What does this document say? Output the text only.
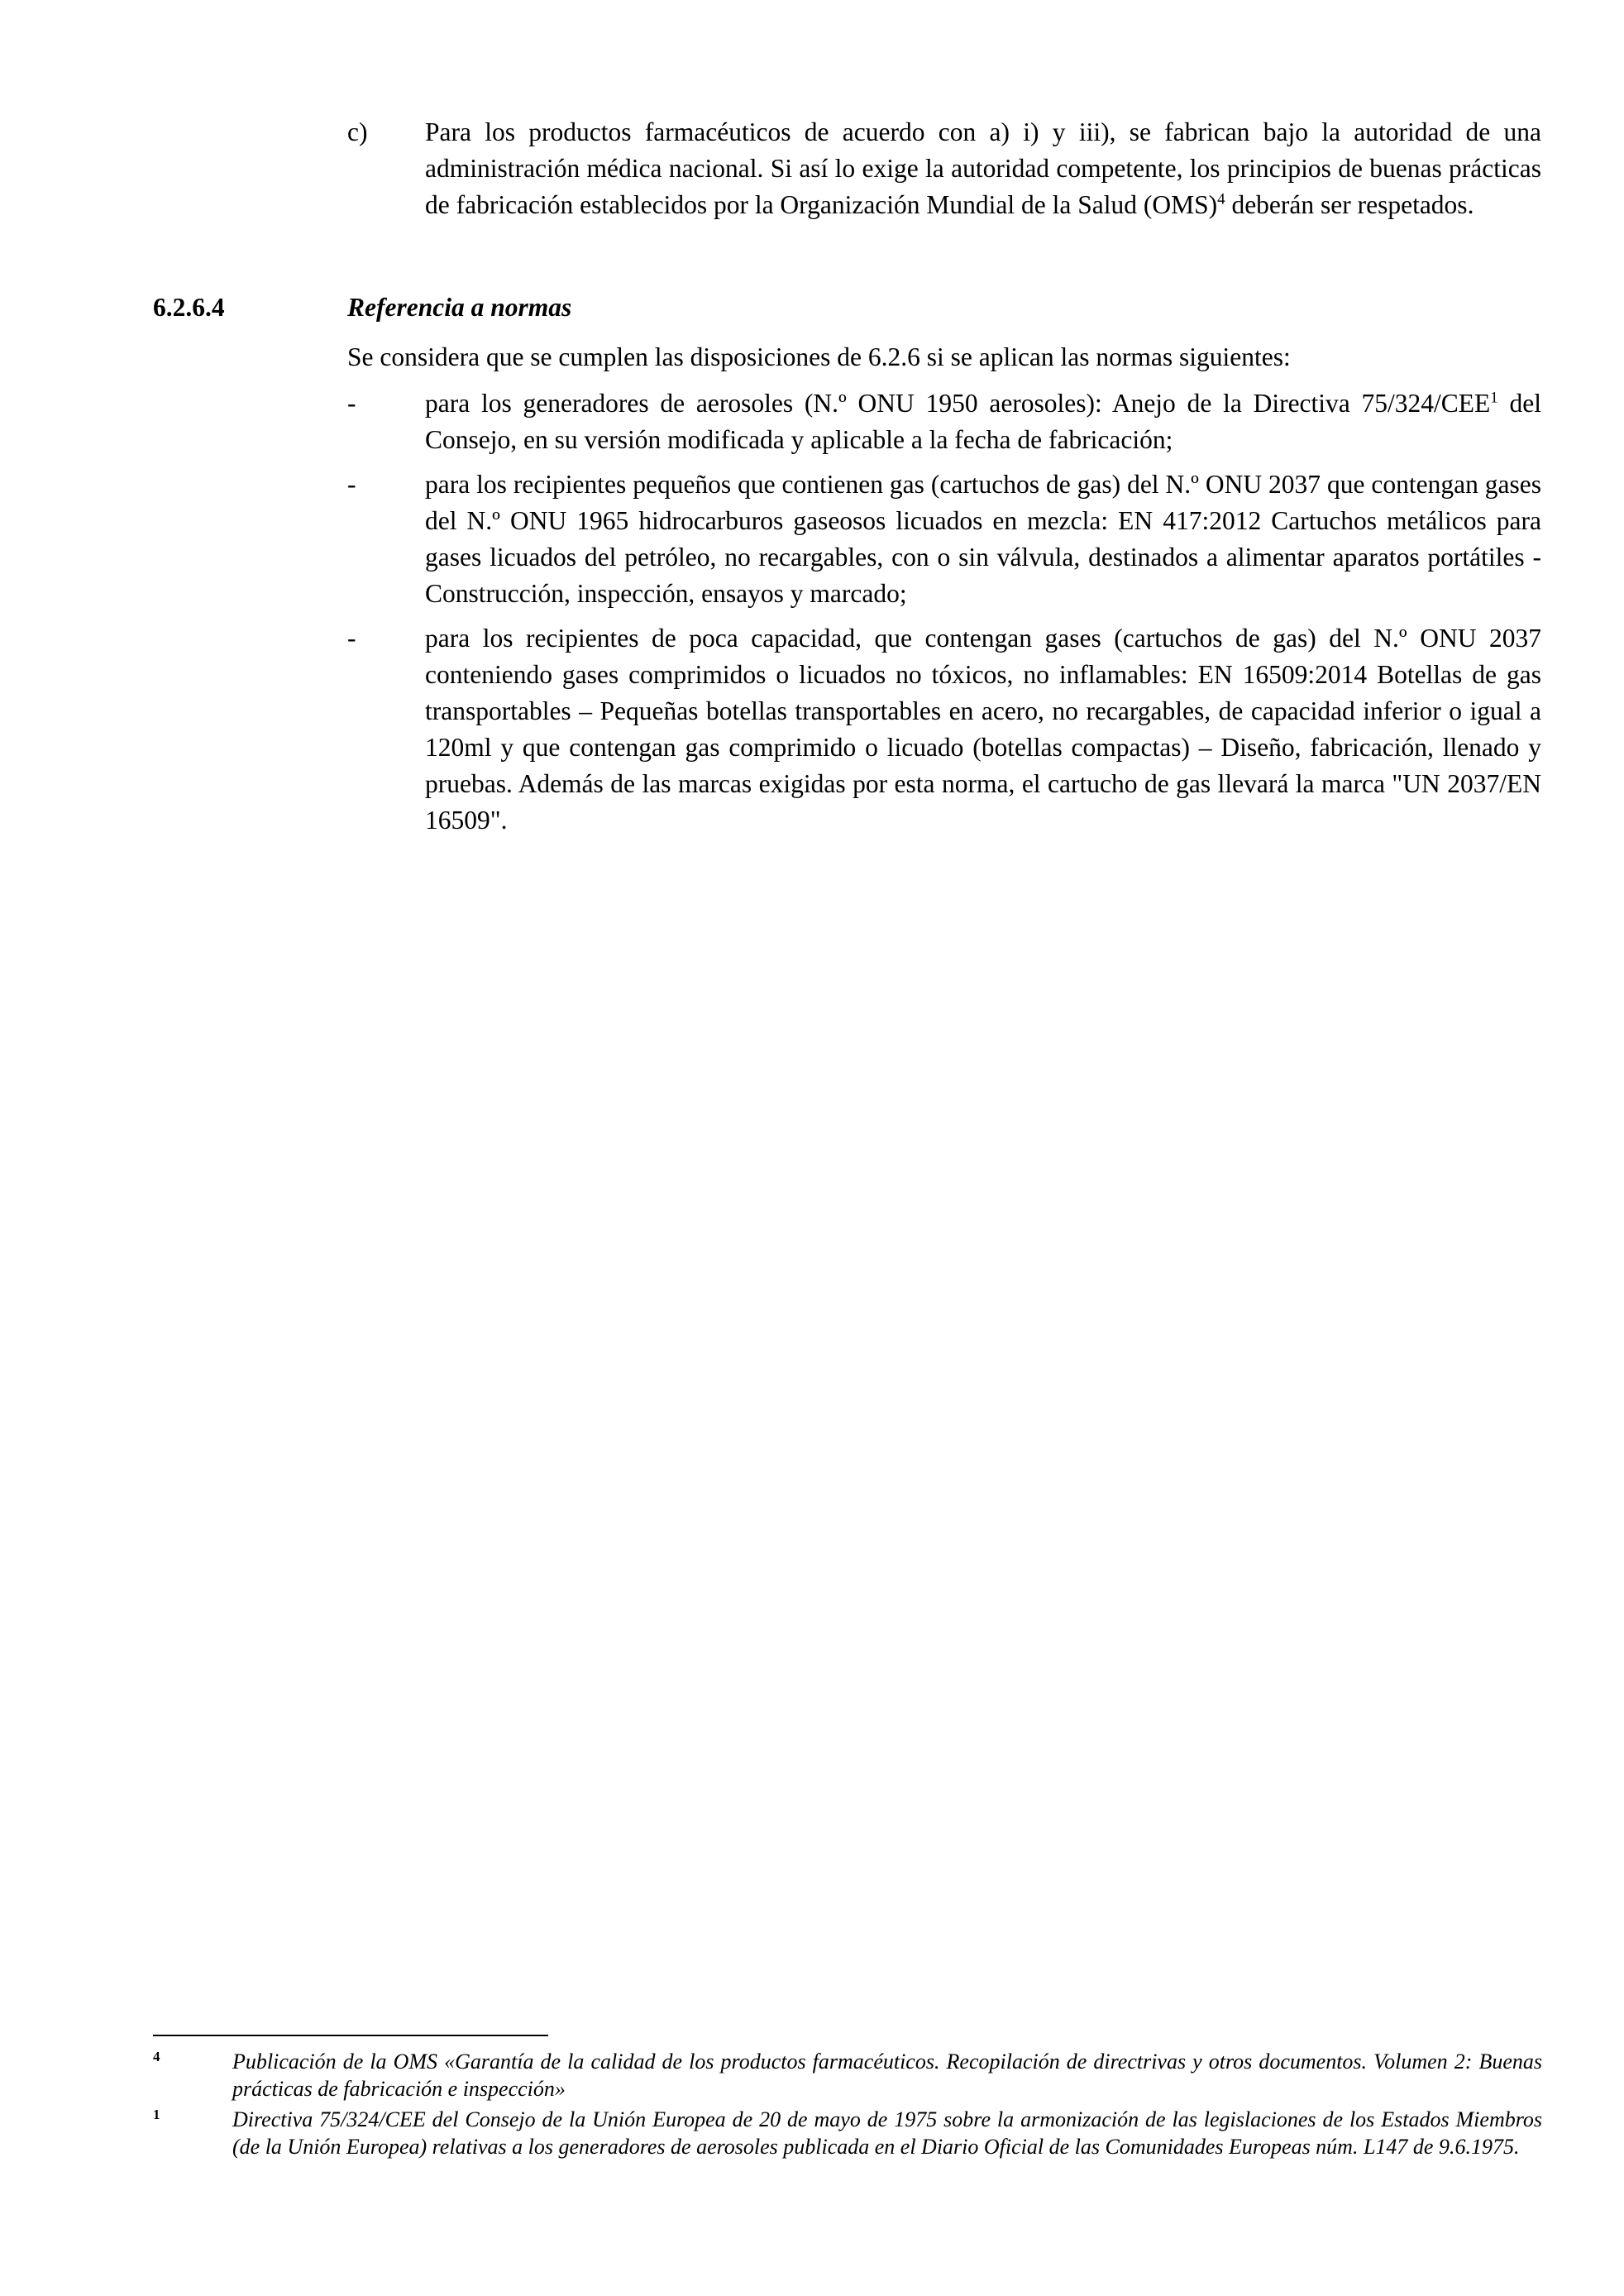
c)	Para los productos farmacéuticos de acuerdo con a) i) y iii), se fabrican bajo la autoridad de una administración médica nacional. Si así lo exige la autoridad competente, los principios de buenas prácticas de fabricación establecidos por la Organización Mundial de la Salud (OMS)$^4$ deberán ser respetados.
6.2.6.4	Referencia a normas
Se considera que se cumplen las disposiciones de 6.2.6 si se aplican las normas siguientes:
-	para los generadores de aerosoles (N.º ONU 1950 aerosoles): Anejo de la Directiva 75/324/CEE$^1$ del Consejo, en su versión modificada y aplicable a la fecha de fabricación;
-	para los recipientes pequeños que contienen gas (cartuchos de gas) del N.º ONU 2037 que contengan gases del N.º ONU 1965 hidrocarburos gaseosos licuados en mezcla: EN 417:2012 Cartuchos metálicos para gases licuados del petróleo, no recargables, con o sin válvula, destinados a alimentar aparatos portátiles - Construcción, inspección, ensayos y marcado;
-	para los recipientes de poca capacidad, que contengan gases (cartuchos de gas) del N.º ONU 2037 conteniendo gases comprimidos o licuados no tóxicos, no inflamables: EN 16509:2014 Botellas de gas transportables – Pequeñas botellas transportables en acero, no recargables, de capacidad inferior o igual a 120ml y que contengan gas comprimido o licuado (botellas compactas) – Diseño, fabricación, llenado y pruebas. Además de las marcas exigidas por esta norma, el cartucho de gas llevará la marca "UN 2037/EN 16509".
4	Publicación de la OMS «Garantía de la calidad de los productos farmacéuticos. Recopilación de directrivas y otros documentos. Volumen 2: Buenas prácticas de fabricación e inspección»
1	Directiva 75/324/CEE del Consejo de la Unión Europea de 20 de mayo de 1975 sobre la armonización de las legislaciones de los Estados Miembros (de la Unión Europea) relativas a los generadores de aerosoles publicada en el Diario Oficial de las Comunidades Europeas núm. L147 de 9.6.1975.
